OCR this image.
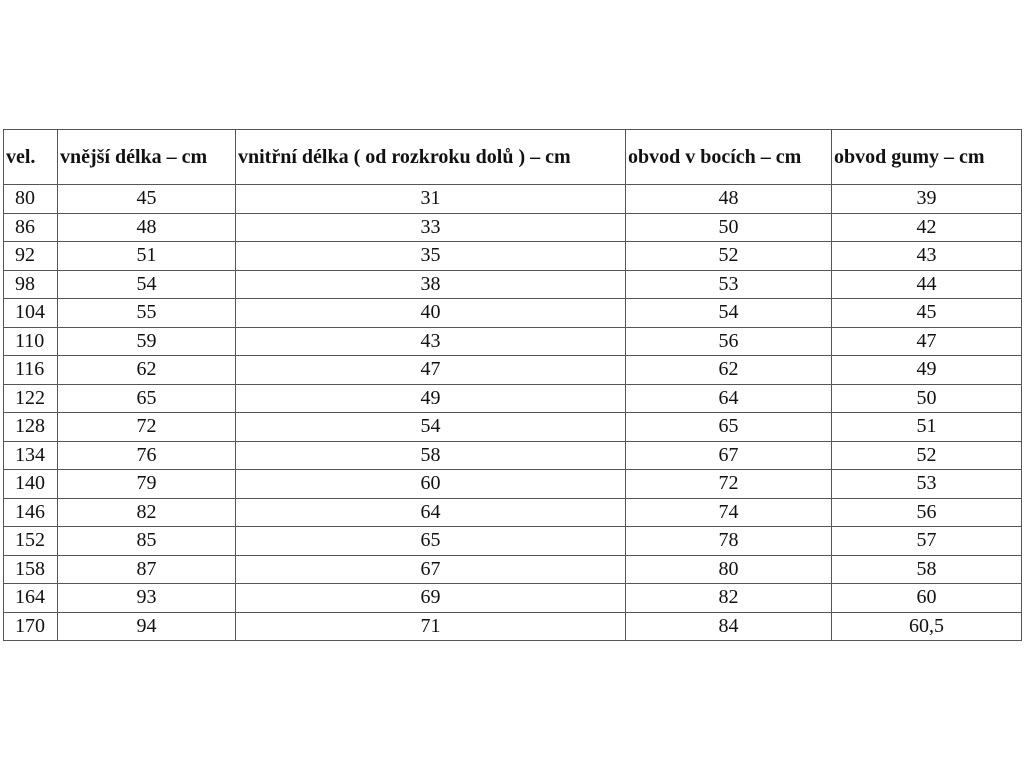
vel.	vnější délka – cm	vnitřní délka ( od rozkroku dolů ) – cm	obvod v bocích – cm	obvod gumy – cm
80	45	31	48	39
86	48	33	50	42
92	51	35	52	43
98	54	38	53	44
104	55	40	54	45
110	59	43	56	47
116	62	47	62	49
122	65	49	64	50
128	72	54	65	51
134	76	58	67	52
140	79	60	72	53
146	82	64	74	56
152	85	65	78	57
158	87	67	80	58
164	93	69	82	60
170	94	71	84	60,5
